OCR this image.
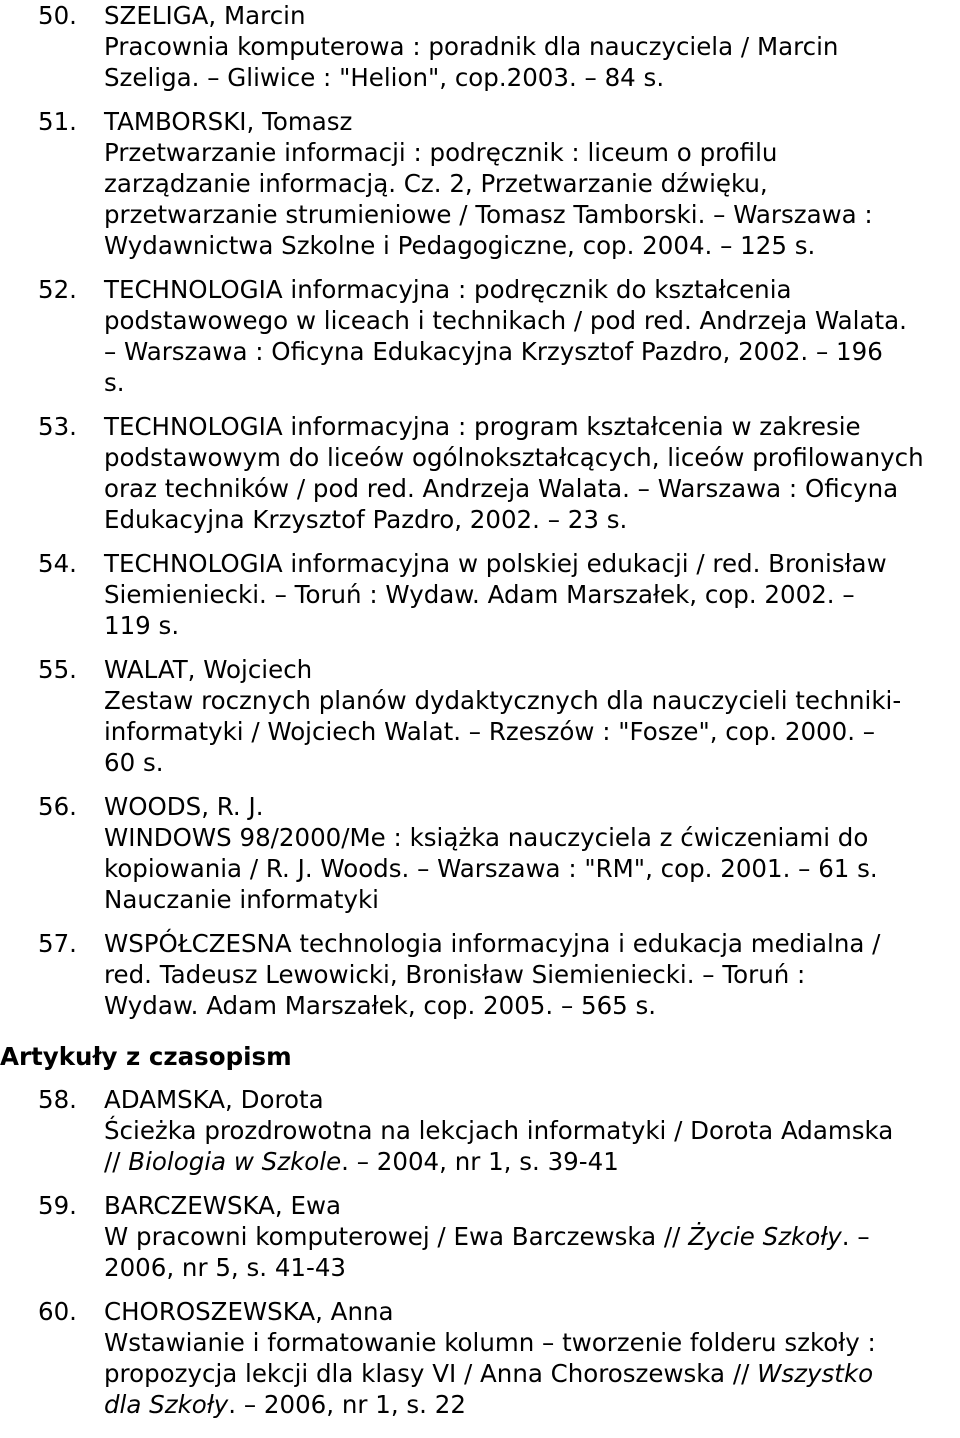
50. SZELIGA, Marcin
Pracownia komputerowa : poradnik dla nauczyciela / Marcin
Szeliga. – Gliwice : "Helion", cop.2003. – 84 s.
51. TAMBORSKI, Tomasz
Przetwarzanie informacji : podręcznik : liceum o profilu
zarządzanie informacją. Cz. 2, Przetwarzanie dźwięku,
przetwarzanie strumieniowe / Tomasz Tamborski. – Warszawa :
Wydawnictwa Szkolne i Pedagogiczne, cop. 2004. – 125 s.
52. TECHNOLOGIA informacyjna : podręcznik do kształcenia
podstawowego w liceach i technikach / pod red. Andrzeja Walata.
– Warszawa : Oficyna Edukacyjna Krzysztof Pazdro, 2002. – 196
s.
53. TECHNOLOGIA informacyjna : program kształcenia w zakresie
podstawowym do liceów ogólnokształcących, liceów profilowanych
oraz techników / pod red. Andrzeja Walata. – Warszawa : Oficyna
Edukacyjna Krzysztof Pazdro, 2002. – 23 s.
54. TECHNOLOGIA informacyjna w polskiej edukacji / red. Bronisław
Siemieniecki. – Toruń : Wydaw. Adam Marszałek, cop. 2002. –
119 s.
55. WALAT, Wojciech
Zestaw rocznych planów dydaktycznych dla nauczycieli techniki-
informatyki / Wojciech Walat. – Rzeszów : "Fosze", cop. 2000. –
60 s.
56. WOODS, R. J.
WINDOWS 98/2000/Me : książka nauczyciela z ćwiczeniami do
kopiowania / R. J. Woods. – Warszawa : "RM", cop. 2001. – 61 s.
Nauczanie informatyki
57. WSPÓŁCZESNA technologia informacyjna i edukacja medialna /
red. Tadeusz Lewowicki, Bronisław Siemieniecki. – Toruń :
Wydaw. Adam Marszałek, cop. 2005. – 565 s.
Artykuły z czasopism
58. ADAMSKA, Dorota
Ścieżka prozdrowotna na lekcjach informatyki / Dorota Adamska
// Biologia w Szkole. – 2004, nr 1, s. 39-41
59. BARCZEWSKA, Ewa
W pracowni komputerowej / Ewa Barczewska // Życie Szkoły. –
2006, nr 5, s. 41-43
60. CHOROSZEWSKA, Anna
Wstawianie i formatowanie kolumn – tworzenie folderu szkoły :
propozycja lekcji dla klasy VI / Anna Choroszewska // Wszystko
dla Szkoły. – 2006, nr 1, s. 22
